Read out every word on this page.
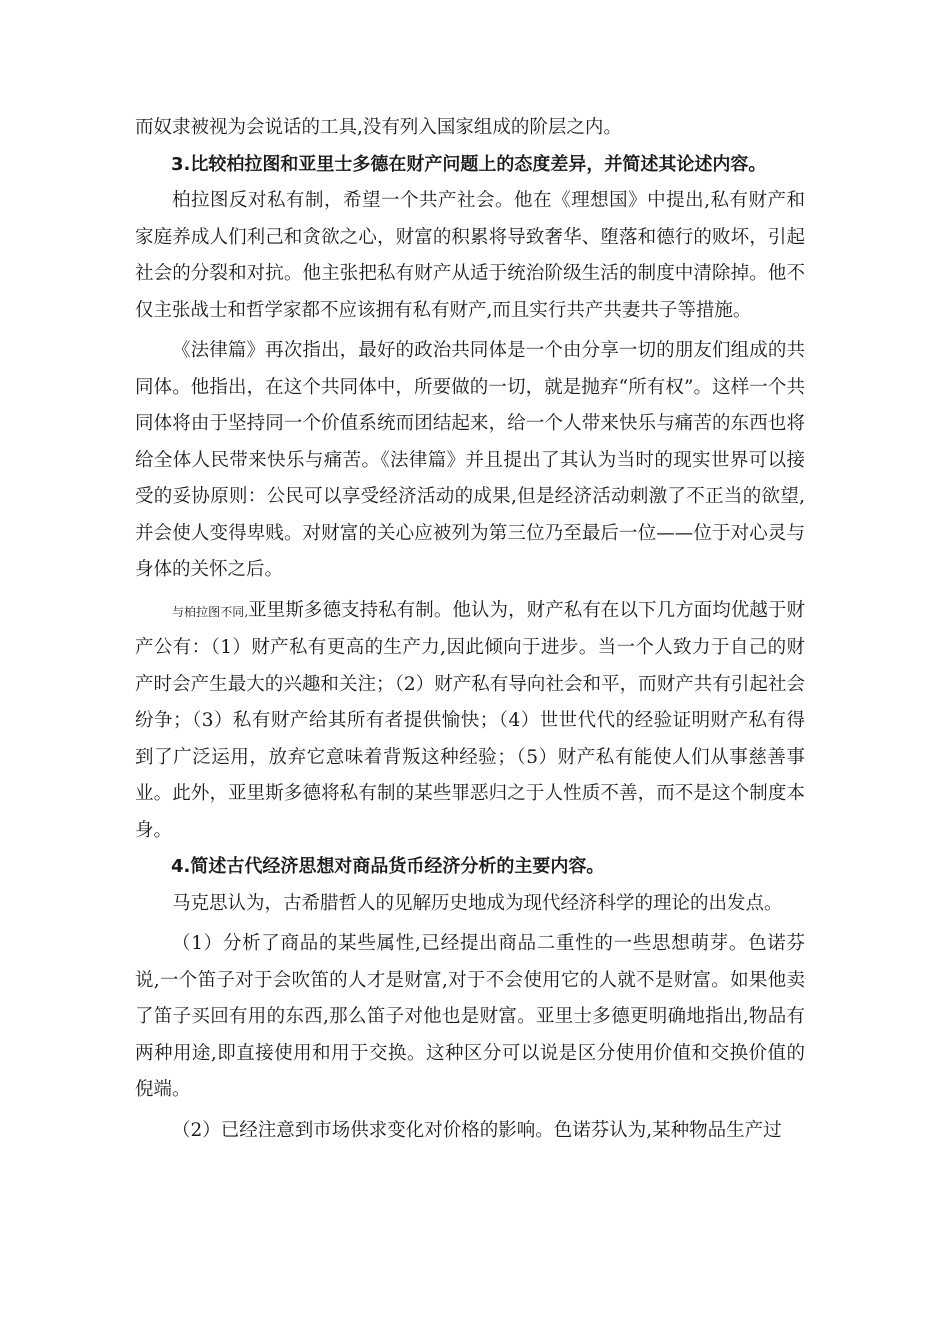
而奴隶被视为会说话的工具,没有列入国家组成的阶层之内。

3.比较柏拉图和亚里士多德在财产问题上的态度差异，并简述其论述内容。

柏拉图反对私有制，希望一个共产社会。他在《理想国》中提出,私有财产和家庭养成人们利己和贪欲之心，财富的积累将导致奢华、堕落和德行的败坏，引起社会的分裂和对抗。他主张把私有财产从适于统治阶级生活的制度中清除掉。他不仅主张战士和哲学家都不应该拥有私有财产,而且实行共产共妻共子等措施。

《法律篇》再次指出，最好的政治共同体是一个由分享一切的朋友们组成的共同体。他指出，在这个共同体中，所要做的一切，就是抛弃“所有权”。这样一个共同体将由于坚持同一个价值系统而团结起来，给一个人带来快乐与痛苦的东西也将给全体人民带来快乐与痛苦。《法律篇》并且提出了其认为当时的现实世界可以接受的妥协原则：公民可以享受经济活动的成果,但是经济活动刺激了不正当的欲望,并会使人变得卑贱。对财富的关心应被列为第三位乃至最后一位——位于对心灵与身体的关怀之后。

与柏拉图不同,亚里斯多德支持私有制。他认为，财产私有在以下几方面均优越于财产公有：（1）财产私有更高的生产力,因此倾向于进步。当一个人致力于自己的财产时会产生最大的兴趣和关注；（2）财产私有导向社会和平，而财产共有引起社会纷争；（3）私有财产给其所有者提供愉快；（4）世世代代的经验证明财产私有得到了广泛运用，放弃它意味着背叛这种经验；（5）财产私有能使人们从事慈善事业。此外，亚里斯多德将私有制的某些罪恶归之于人性质不善，而不是这个制度本身。

4.简述古代经济思想对商品货币经济分析的主要内容。

马克思认为，古希腊哲人的见解历史地成为现代经济科学的理论的出发点。

（1）分析了商品的某些属性,已经提出商品二重性的一些思想萌芽。色诺芬说,一个笛子对于会吹笛的人才是财富,对于不会使用它的人就不是财富。如果他卖了笛子买回有用的东西,那么笛子对他也是财富。亚里士多德更明确地指出,物品有两种用途,即直接使用和用于交换。这种区分可以说是区分使用价值和交换价值的倪端。

（2）已经注意到市场供求变化对价格的影响。色诺芬认为,某种物品生产过
